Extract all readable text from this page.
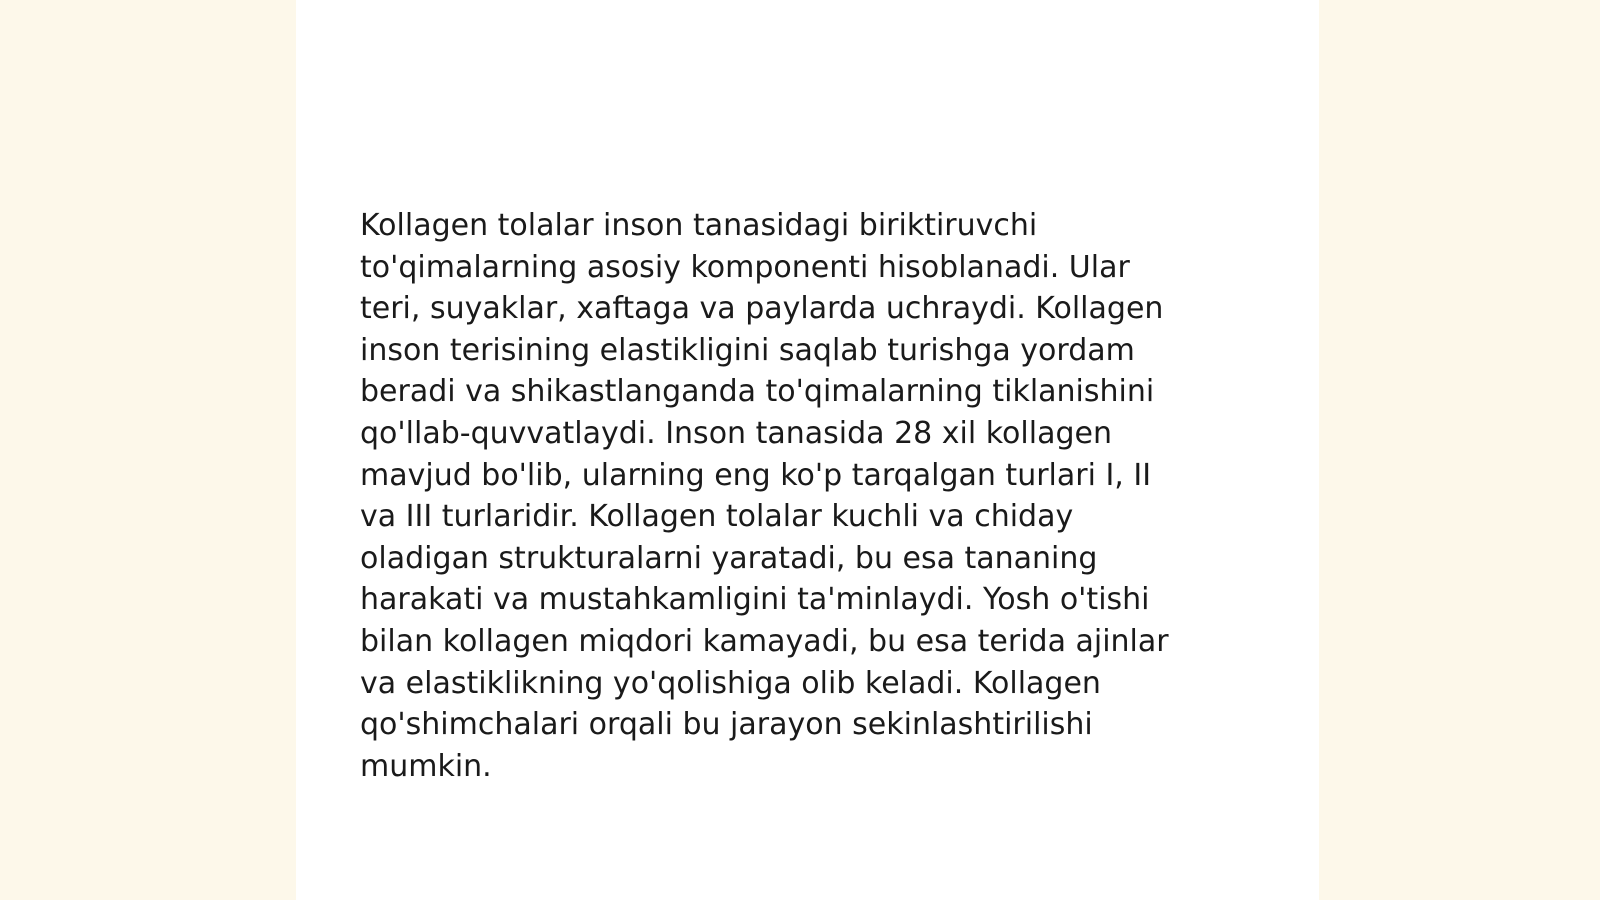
Kollagen tolalar inson tanasidagi biriktiruvchi
to'qimalarning asosiy komponenti hisoblanadi. Ular
teri, suyaklar, xaftaga va paylarda uchraydi. Kollagen
inson terisining elastikligini saqlab turishga yordam
beradi va shikastlanganda to'qimalarning tiklanishini
qo'llab-quvvatlaydi. Inson tanasida 28 xil kollagen
mavjud bo'lib, ularning eng ko'p tarqalgan turlari I, II
va III turlaridir. Kollagen tolalar kuchli va chiday
oladigan strukturalarni yaratadi, bu esa tananing
harakati va mustahkamligini ta'minlaydi. Yosh o'tishi
bilan kollagen miqdori kamayadi, bu esa terida ajinlar
va elastiklikning yo'qolishiga olib keladi. Kollagen
qo'shimchalari orqali bu jarayon sekinlashtirilishi
mumkin.
